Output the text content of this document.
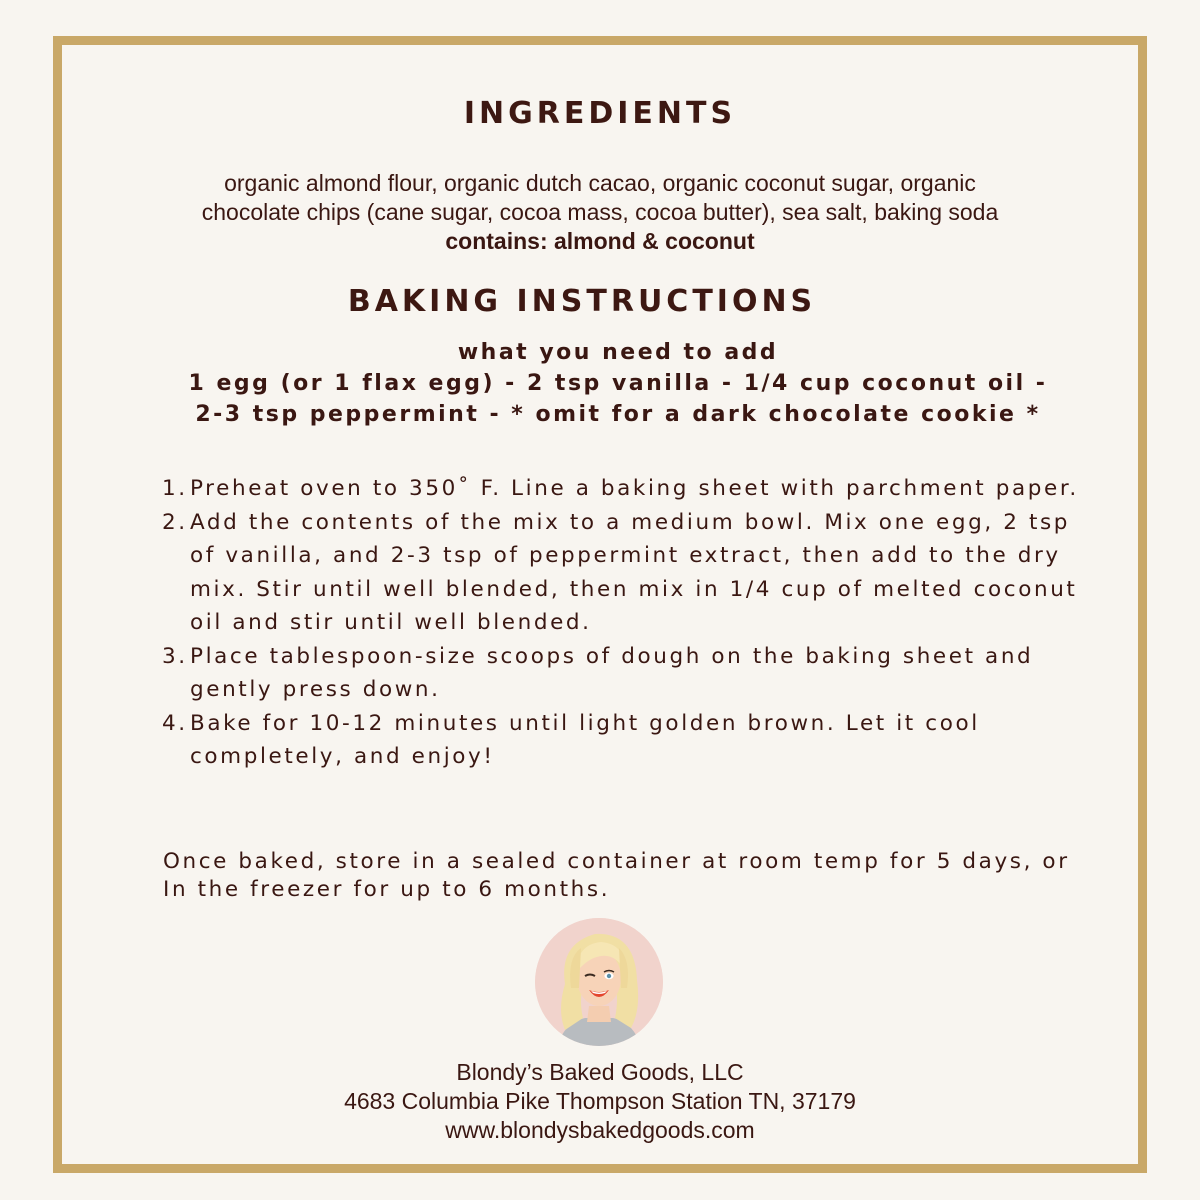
INGREDIENTS
organic almond flour, organic dutch cacao, organic coconut sugar, organic
chocolate chips (cane sugar, cocoa mass, cocoa butter), sea salt, baking soda
contains: almond & coconut
BAKING INSTRUCTIONS
what you need to add
1 egg (or 1 flax egg) - 2 tsp vanilla - 1/4 cup coconut oil -
2-3 tsp peppermint - * omit for a dark chocolate cookie *
1. Preheat oven to 350˚ F. Line a baking sheet with parchment paper.
2. Add the contents of the mix to a medium bowl. Mix one egg, 2 tsp of vanilla, and 2-3 tsp of peppermint extract, then add to the dry mix. Stir until well blended, then mix in 1/4 cup of melted coconut oil and stir until well blended.
3. Place tablespoon-size scoops of dough on the baking sheet and gently press down.
4. Bake for 10-12 minutes until light golden brown. Let it cool completely, and enjoy!
Once baked, store in a sealed container at room temp for 5 days, or In the freezer for up to 6 months.
Blondy’s Baked Goods, LLC
4683 Columbia Pike Thompson Station TN, 37179
www.blondysbakedgoods.com
